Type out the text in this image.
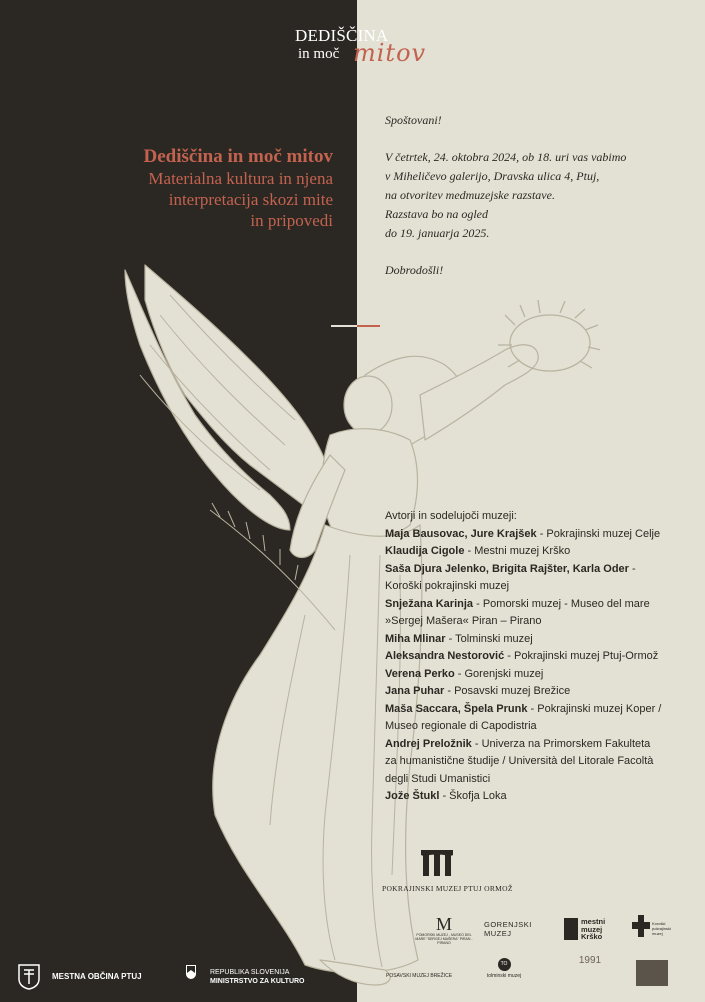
DEDIŠČINA
in moč mitov
Dediščina in moč mitov
Materialna kultura in njena
interpretacija skozi mite
in pripovedi

Spoštovani!

V četrtek, 24. oktobra 2024, ob 18. uri vas vabimo

v Miheličevo galerijo, Dravska ulica 4, Ptuj,

na otvoritev medmuzejske razstave.

Razstava bo na ogled

do 19. januarja 2025.

Dobrodošli!

Avtorji in sodelujoči muzeji:
Maja Bausovac, Jure Krajšek - Pokrajinski muzej Celje
Klaudija Cigole - Mestni muzej Krško
Saša Djura Jelenko, Brigita Rajšter, Karla Oder -
Koroški pokrajinski muzej
Snježana Karinja - Pomorski muzej - Museo del mare
»Sergej Mašera« Piran – Pirano
Miha Mlinar - Tolminski muzej
Aleksandra Nestorović - Pokrajinski muzej Ptuj-Ormož
Verena Perko - Gorenjski muzej
Jana Puhar - Posavski muzej Brežice
Maša Saccara, Špela Prunk - Pokrajinski muzej Koper /
Museo regionale di Capodistria
Andrej Preložnik - Univerza na Primorskem Fakulteta
za humanistične študije / Università del Litorale Facoltà
degli Studi Umanistici
Jože Štukl - Škofja Loka
POKRAJINSKI MUZEJ PTUJ ORMOŽ
MESTNA OBČINA PTUJ	REPUBLIKA SLOVENIJA
MINISTRSTVO ZA KULTURO
M
POMORSKI MUZEJ - MUSEO DEL MARE "SERGEJ MAŠERA" PIRAN - PIRANO
GORENJSKI
MUZEJ
mestni
muzej
Krško
Koroški
pokrajinski
muzej
POSAVSKI MUZEJ BREŽICE
TO
tolminski muzej
1991
